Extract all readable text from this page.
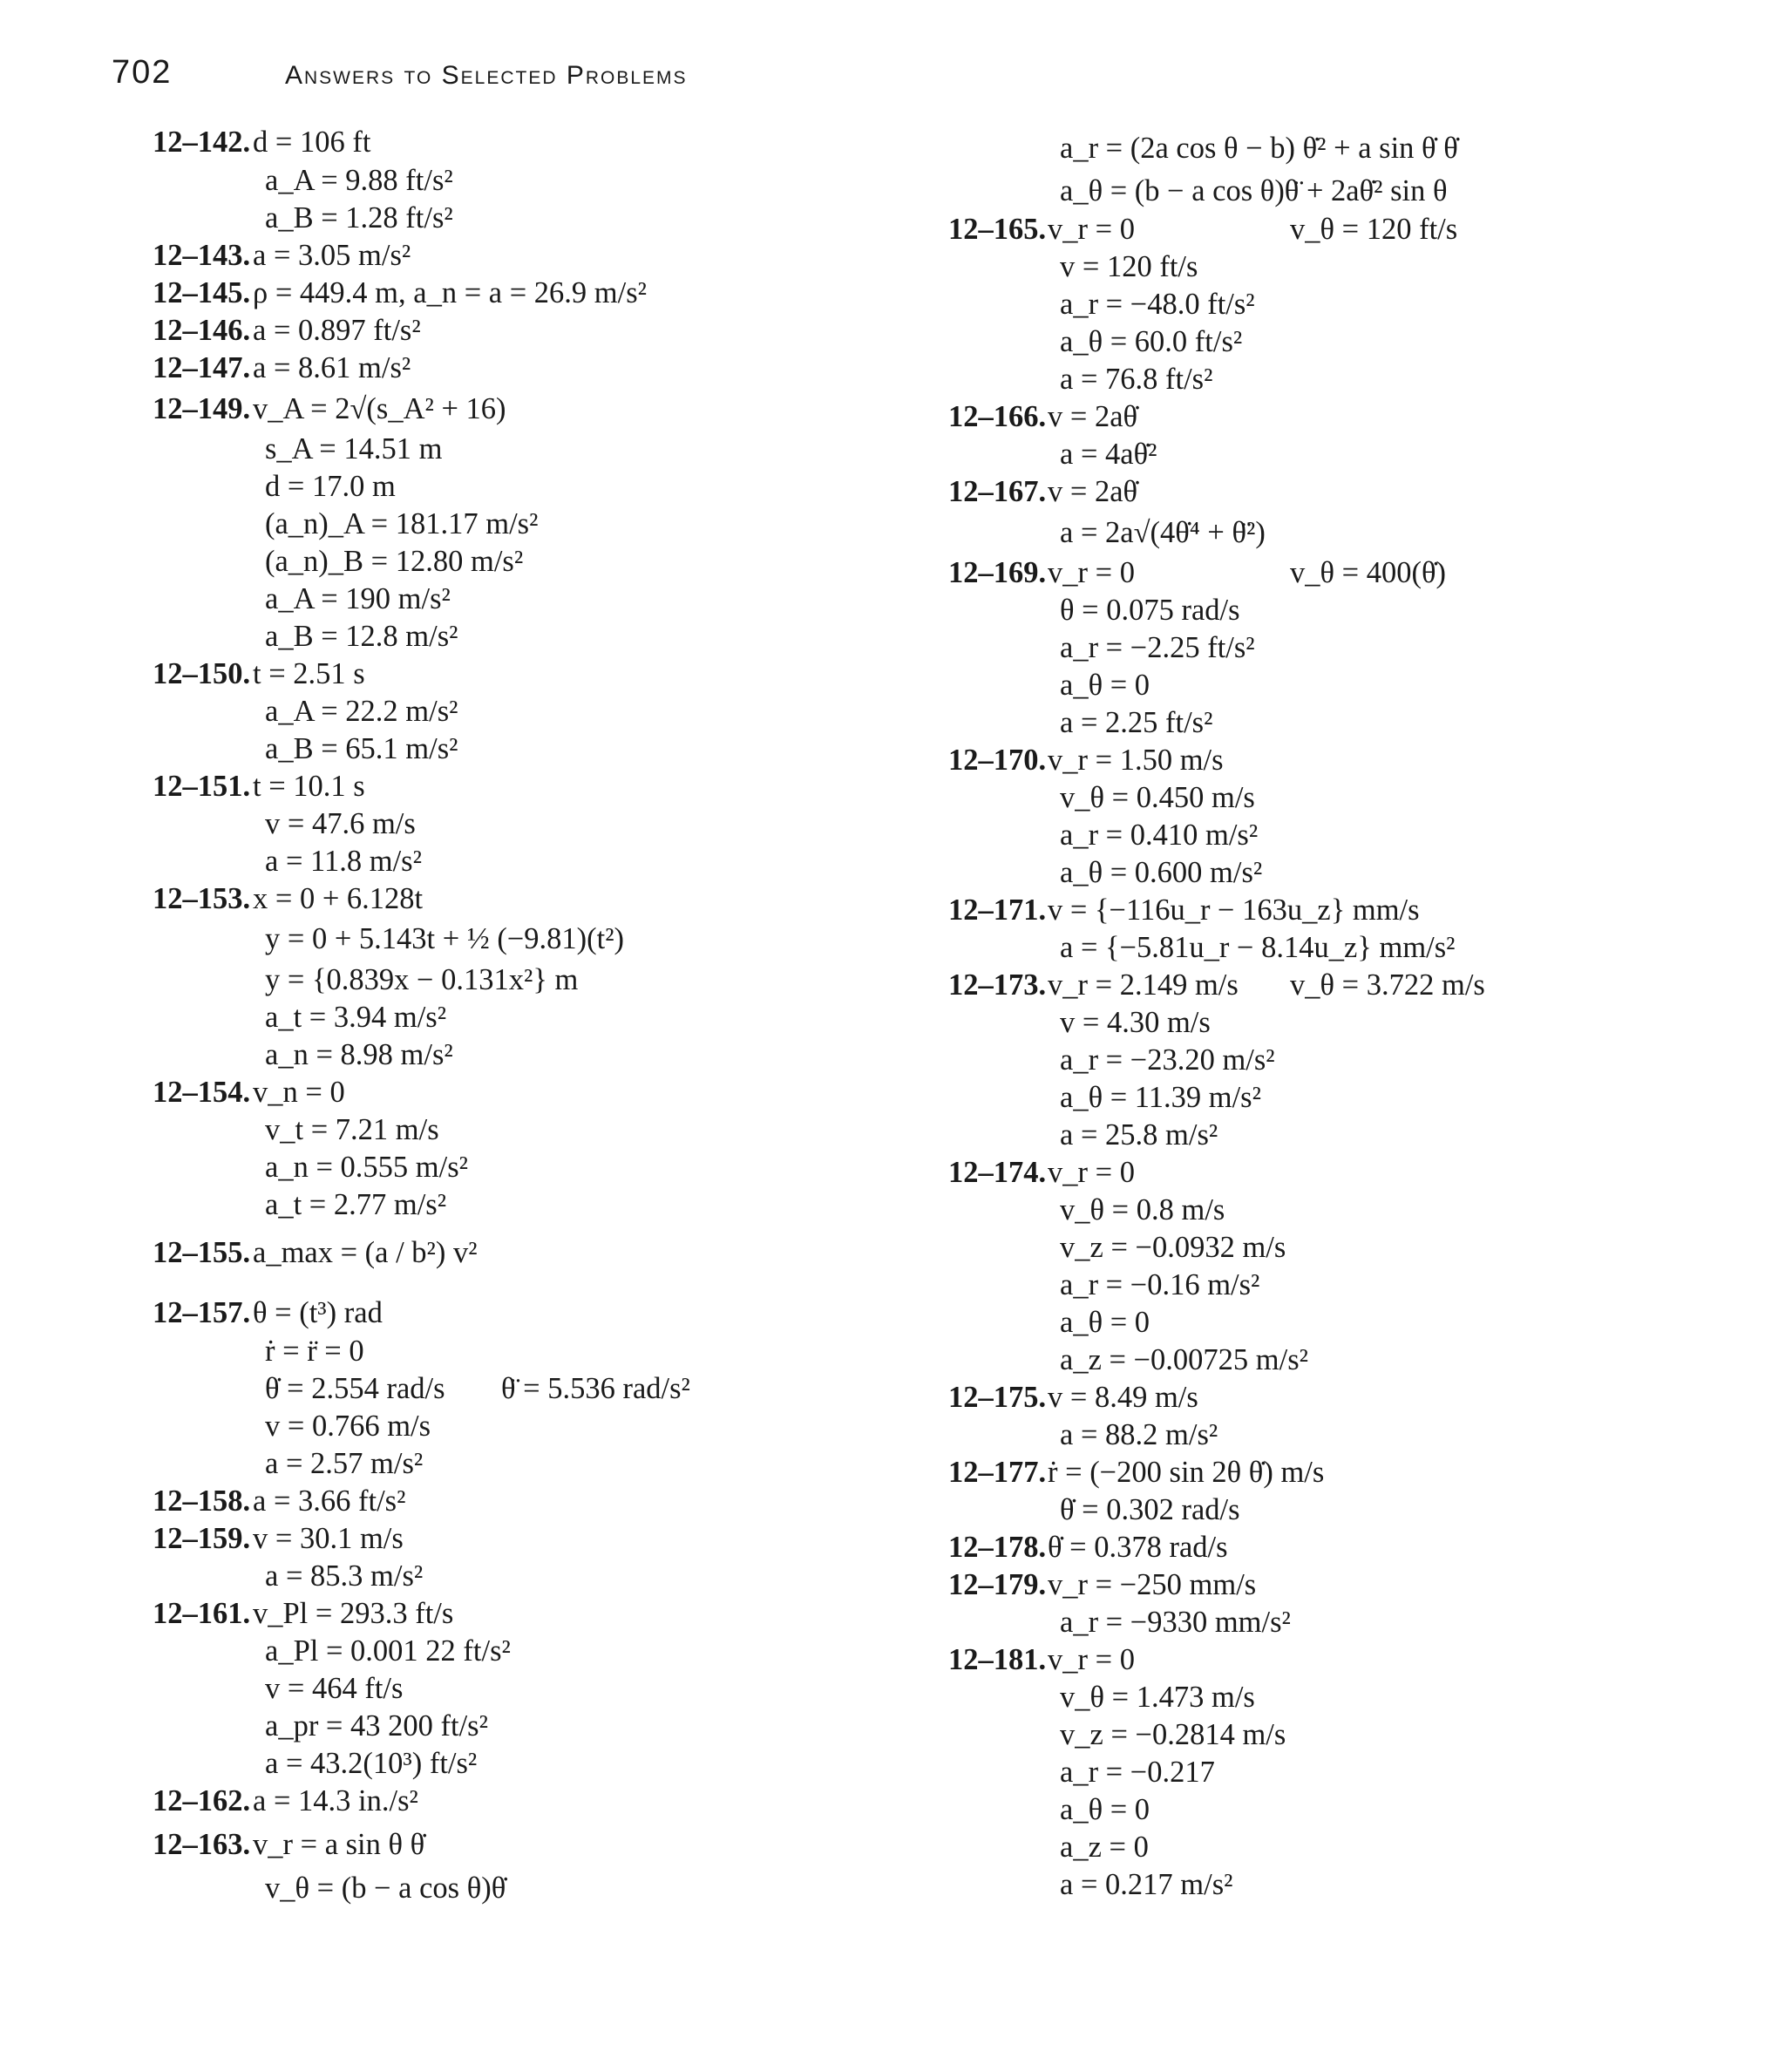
702	Answers to Selected Problems
12–142. d = 106 ft
a_A = 9.88 ft/s²
a_B = 1.28 ft/s²
12–143. a = 3.05 m/s²
12–145. ρ = 449.4 m, a_n = a = 26.9 m/s²
12–146. a = 0.897 ft/s²
12–147. a = 8.61 m/s²
12–149. v_A = 2√(s_A² + 16)
s_A = 14.51 m
d = 17.0 m
(a_n)_A = 181.17 m/s²
(a_n)_B = 12.80 m/s²
a_A = 190 m/s²
a_B = 12.8 m/s²
12–150. t = 2.51 s
a_A = 22.2 m/s²
a_B = 65.1 m/s²
12–151. t = 10.1 s
v = 47.6 m/s
a = 11.8 m/s²
12–153. x = 0 + 6.128t
y = 0 + 5.143t + ½ (−9.81)(t²)
y = {0.839x − 0.131x²} m
a_t = 3.94 m/s²
a_n = 8.98 m/s²
12–154. v_n = 0
v_t = 7.21 m/s
a_n = 0.555 m/s²
a_t = 2.77 m/s²
12–155. a_max = (a / b²) v²
12–157. θ = (t³) rad
ṙ = r̈ = 0
θ̇ = 2.554 rad/s θ̈ = 5.536 rad/s²
v = 0.766 m/s
a = 2.57 m/s²
12–158. a = 3.66 ft/s²
12–159. v = 30.1 m/s
a = 85.3 m/s²
12–161. v_Pl = 293.3 ft/s
a_Pl = 0.001 22 ft/s²
v = 464 ft/s
a_pr = 43 200 ft/s²
a = 43.2(10³) ft/s²
12–162. a = 14.3 in./s²
12–163. v_r = a sin θ θ̇
v_θ = (b − a cos θ)θ̇
a_r = (2a cos θ − b) θ̇² + a sin θ̇ θ̇
a_θ = (b − a cos θ)θ̈ + 2aθ̇² sin θ
12–165. v_r = 0	v_θ = 120 ft/s
v = 120 ft/s
a_r = −48.0 ft/s²
a_θ = 60.0 ft/s²
a = 76.8 ft/s²
12–166. v = 2aθ̇
a = 4aθ̇²
12–167. v = 2aθ̇
a = 2a√(4θ̇⁴ + θ̈²)
12–169. v_r = 0	v_θ = 400(θ̇)
θ = 0.075 rad/s
a_r = −2.25 ft/s²
a_θ = 0
a = 2.25 ft/s²
12–170. v_r = 1.50 m/s
v_θ = 0.450 m/s
a_r = 0.410 m/s²
a_θ = 0.600 m/s²
12–171. v = {−116u_r − 163u_z} mm/s
a = {−5.81u_r − 8.14u_z} mm/s²
12–173. v_r = 2.149 m/s v_θ = 3.722 m/s
v = 4.30 m/s
a_r = −23.20 m/s²
a_θ = 11.39 m/s²
a = 25.8 m/s²
12–174. v_r = 0
v_θ = 0.8 m/s
v_z = −0.0932 m/s
a_r = −0.16 m/s²
a_θ = 0
a_z = −0.00725 m/s²
12–175. v = 8.49 m/s
a = 88.2 m/s²
12–177. ṙ = (−200 sin 2θ θ̇) m/s
θ̇ = 0.302 rad/s
12–178. θ̇ = 0.378 rad/s
12–179. v_r = −250 mm/s
a_r = −9330 mm/s²
12–181. v_r = 0
v_θ = 1.473 m/s
v_z = −0.2814 m/s
a_r = −0.217
a_θ = 0
a_z = 0
a = 0.217 m/s²
